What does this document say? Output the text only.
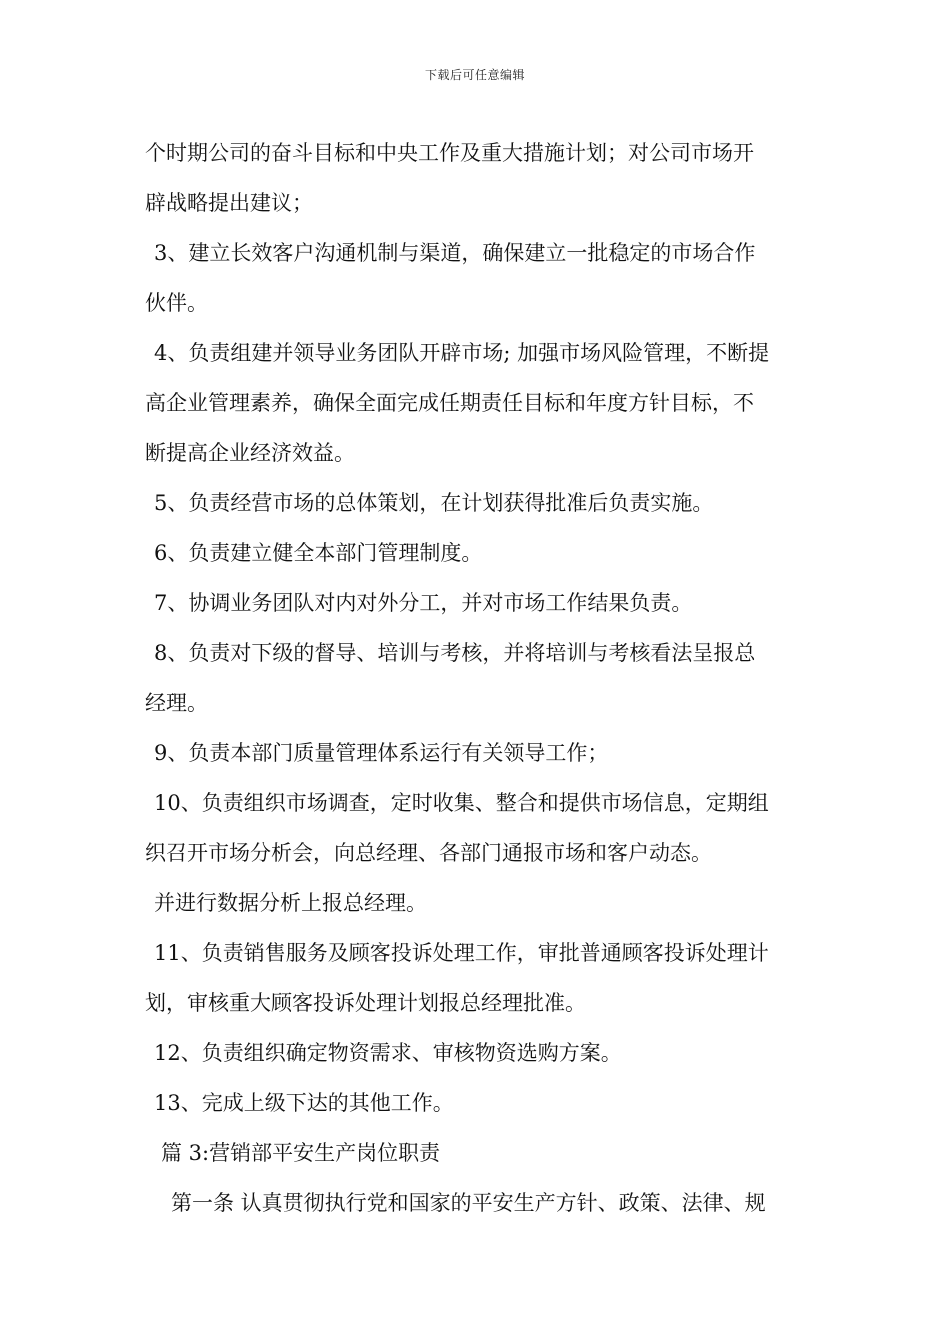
下载后可任意编辑

个时期公司的奋斗目标和中央工作及重大措施计划；对公司市场开

辟战略提出建议；

3、建立长效客户沟通机制与渠道，确保建立一批稳定的市场合作

伙伴。

4、负责组建并领导业务团队开辟市场; 加强市场风险管理，不断提

高企业管理素养，确保全面完成任期责任目标和年度方针目标，不

断提高企业经济效益。

5、负责经营市场的总体策划，在计划获得批准后负责实施。

6、负责建立健全本部门管理制度。

7、协调业务团队对内对外分工，并对市场工作结果负责。

8、负责对下级的督导、培训与考核，并将培训与考核看法呈报总

经理。

9、负责本部门质量管理体系运行有关领导工作；

10、负责组织市场调查，定时收集、整合和提供市场信息，定期组

织召开市场分析会，向总经理、各部门通报市场和客户动态。

并进行数据分析上报总经理。

11、负责销售服务及顾客投诉处理工作，审批普通顾客投诉处理计

划，审核重大顾客投诉处理计划报总经理批准。

12、负责组织确定物资需求、审核物资选购方案。

13、完成上级下达的其他工作。

篇 3:营销部平安生产岗位职责

第一条 认真贯彻执行党和国家的平安生产方针、政策、法律、规
